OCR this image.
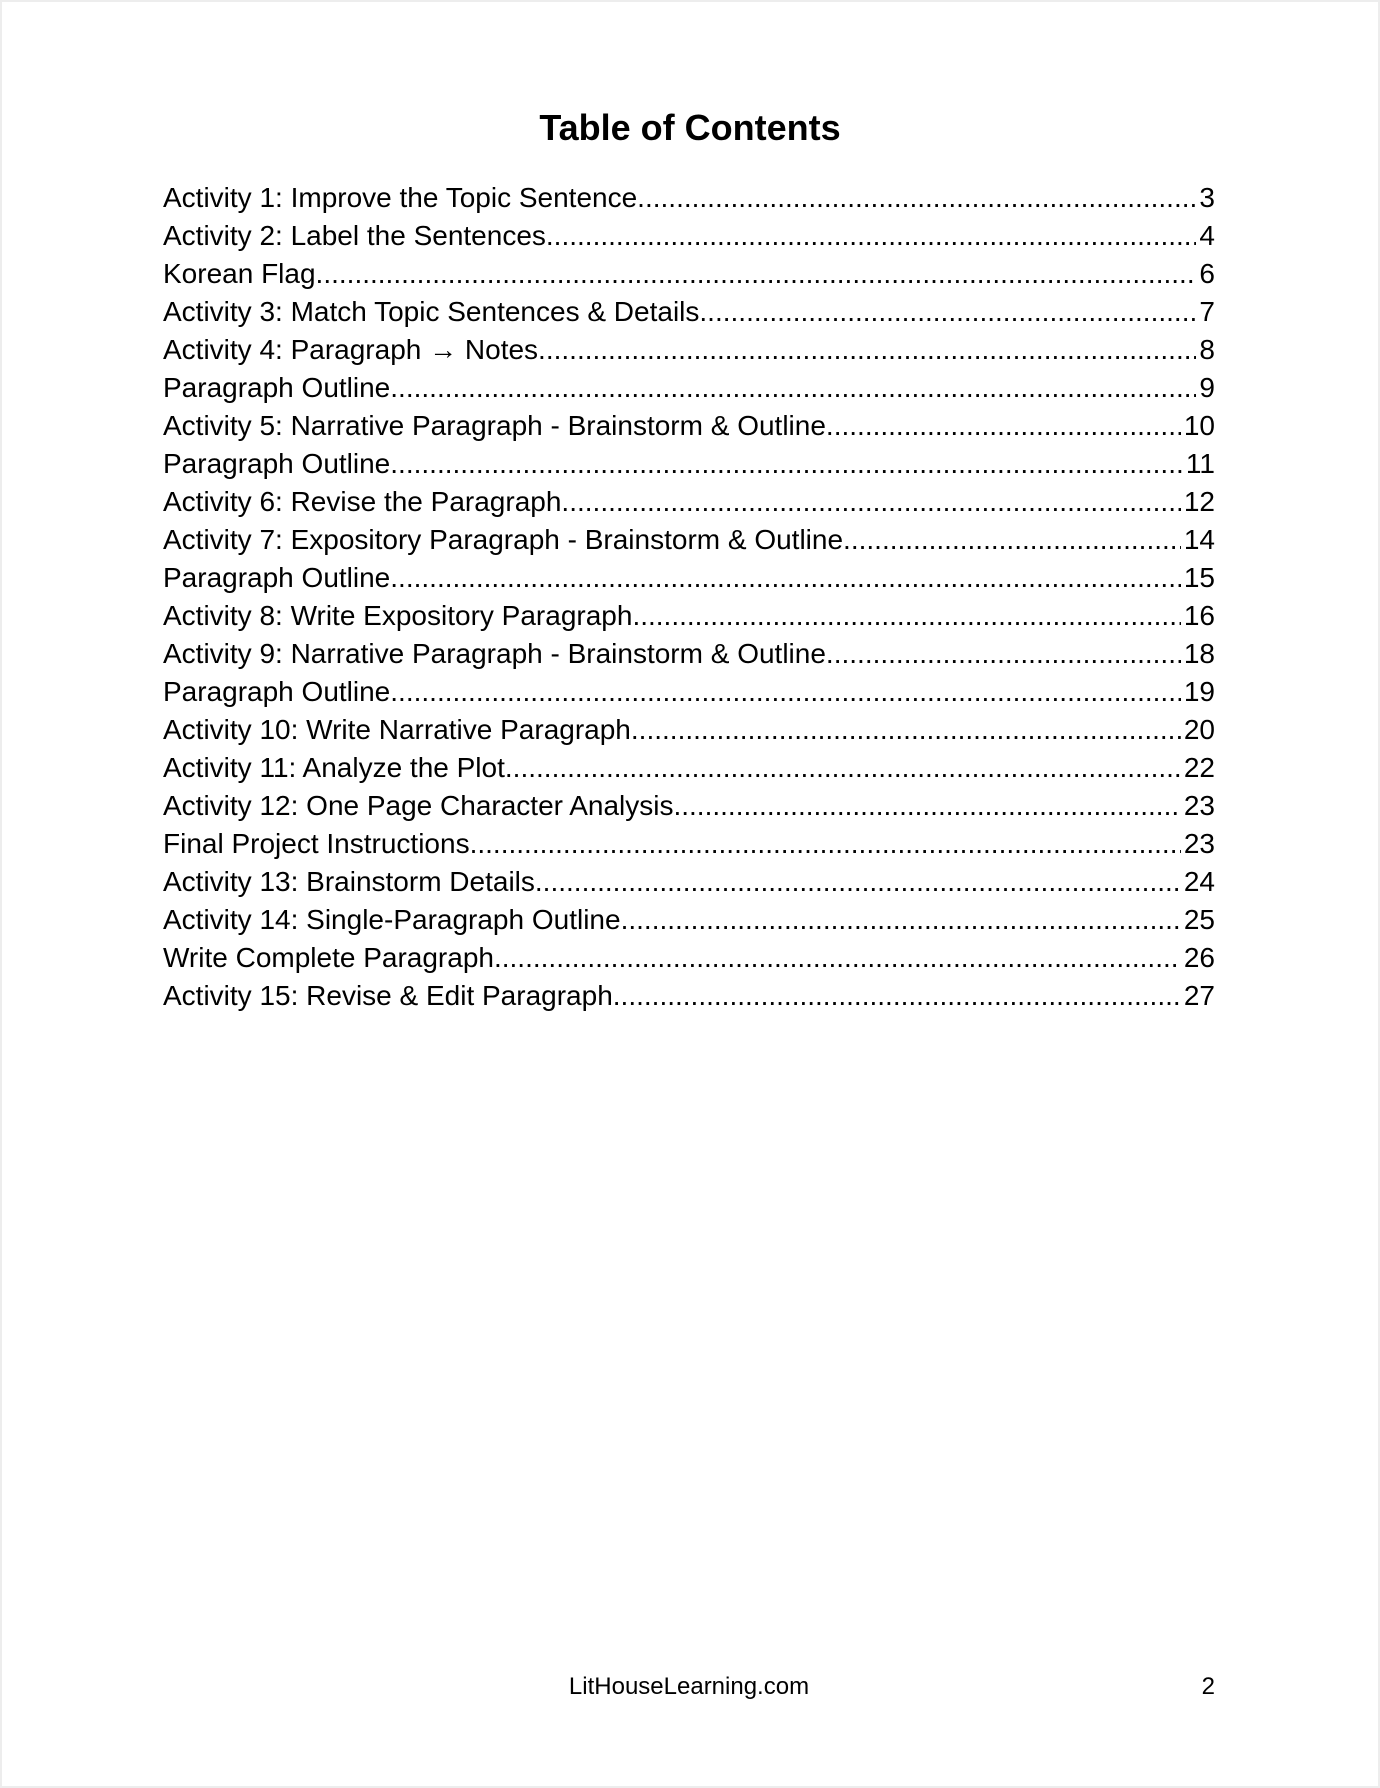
Table of Contents
Activity 1: Improve the Topic Sentence .....	3
Activity 2: Label the Sentences .....	4
Korean Flag .....	6
Activity 3: Match Topic Sentences & Details .....	7
Activity 4: Paragraph → Notes .....	8
Paragraph Outline .....	9
Activity 5: Narrative Paragraph - Brainstorm & Outline .....	10
Paragraph Outline .....	11
Activity 6: Revise the Paragraph .....	12
Activity 7: Expository Paragraph - Brainstorm & Outline .....	14
Paragraph Outline .....	15
Activity 8: Write Expository Paragraph .....	16
Activity 9: Narrative Paragraph - Brainstorm & Outline .....	18
Paragraph Outline .....	19
Activity 10: Write Narrative Paragraph .....	20
Activity 11: Analyze the Plot .....	22
Activity 12: One Page Character Analysis .....	23
Final Project Instructions .....	23
Activity 13: Brainstorm Details .....	24
Activity 14: Single-Paragraph Outline .....	25
Write Complete Paragraph .....	26
Activity 15: Revise & Edit Paragraph .....	27
LitHouseLearning.com	2
